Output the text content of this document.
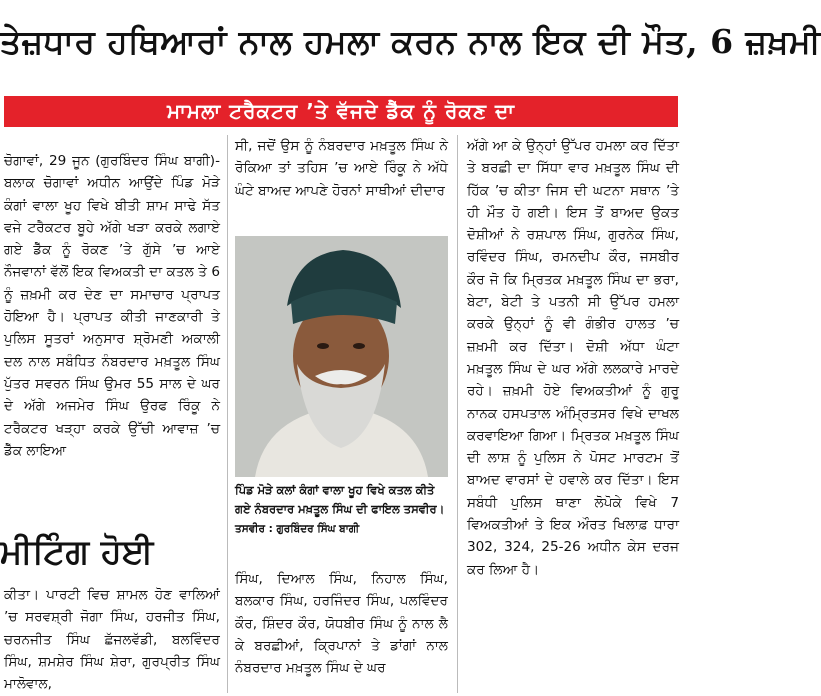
ਤੇਜ਼ਧਾਰ ਹਥਿਆਰਾਂ ਨਾਲ ਹਮਲਾ ਕਰਨ ਨਾਲ ਇਕ ਦੀ ਮੌਤ, 6 ਜ਼ਖ਼ਮੀ
ਮਾਮਲਾ ਟਰੈਕਟਰ ’ਤੇ ਵੱਜਦੇ ਡੈੱਕ ਨੂੰ ਰੋਕਣ ਦਾ

ਚੋਗਾਵਾਂ, 29 ਜੂਨ (ਗੁਰਬਿੰਦਰ ਸਿੰਘ ਬਾਗੀ)-ਬਲਾਕ ਚੋਗਾਵਾਂ ਅਧੀਨ ਆਉਂਦੇ ਪਿੰਡ ਮੋੜੇ ਕੰਗਾਂ ਵਾਲਾ ਖੂਹ ਵਿਖੇ ਬੀਤੀ ਸ਼ਾਮ ਸਾਢੇ ਸੱਤ ਵਜੇ ਟਰੈਕਟਰ ਬੂਹੇ ਅੱਗੇ ਖੜਾ ਕਰਕੇ ਲਗਾਏ ਗਏ ਡੈੱਕ ਨੂੰ ਰੋਕਣ ’ਤੇ ਗੁੱਸੇ ’ਚ ਆਏ ਨੌਜਵਾਨਾਂ ਵੱਲੋਂ ਇਕ ਵਿਅਕਤੀ ਦਾ ਕਤਲ ਤੇ 6 ਨੂੰ ਜ਼ਖ਼ਮੀ ਕਰ ਦੇਣ ਦਾ ਸਮਾਚਾਰ ਪ੍ਰਾਪਤ ਹੋਇਆ ਹੈ। ਪ੍ਰਾਪਤ ਕੀਤੀ ਜਾਣਕਾਰੀ ਤੇ ਪੁਲਿਸ ਸੂਤਰਾਂ ਅਨੁਸਾਰ ਸ਼੍ਰੋਮਣੀ ਅਕਾਲੀ ਦਲ ਨਾਲ ਸਬੰਧਿਤ ਨੰਬਰਦਾਰ ਮਖ਼ਤੂਲ ਸਿੰਘ ਪੁੱਤਰ ਸਵਰਨ ਸਿੰਘ ਉਮਰ 55 ਸਾਲ ਦੇ ਘਰ ਦੇ ਅੱਗੇ ਅਜਮੇਰ ਸਿੰਘ ਉਰਫ ਰਿੰਕੂ ਨੇ ਟਰੈਕਟਰ ਖੜ੍ਹਾ ਕਰਕੇ ਉੱਚੀ ਆਵਾਜ਼ ’ਚ ਡੈੱਕ ਲਾਇਆ

ਸੀ, ਜਦੋਂ ਉਸ ਨੂੰ ਨੰਬਰਦਾਰ ਮਖ਼ਤੂਲ ਸਿੰਘ ਨੇ ਰੋਕਿਆ ਤਾਂ ਤਹਿਸ ’ਚ ਆਏ ਰਿੰਕੂ ਨੇ ਅੱਧੇ ਘੰਟੇ ਬਾਅਦ ਆਪਣੇ ਹੋਰਨਾਂ ਸਾਥੀਆਂ ਦੀਦਾਰ

ਪਿੰਡ ਮੋੜੇ ਕਲਾਂ ਕੰਗਾਂ ਵਾਲਾ ਖੂਹ ਵਿਖੇ ਕਤਲ ਕੀਤੇ ਗਏ ਨੰਬਰਦਾਰ ਮਖ਼ਤੂਲ ਸਿੰਘ ਦੀ ਫਾਇਲ ਤਸਵੀਰ। ਤਸਵੀਰ : ਗੁਰਬਿੰਦਰ ਸਿੰਘ ਬਾਗੀ

ਸਿੰਘ, ਦਿਆਲ ਸਿੰਘ, ਨਿਹਾਲ ਸਿੰਘ, ਬਲਕਾਰ ਸਿੰਘ, ਹਰਜਿੰਦਰ ਸਿੰਘ, ਪਲਵਿੰਦਰ ਕੌਰ, ਸ਼ਿੰਦਰ ਕੌਰ, ਯੋਧਬੀਰ ਸਿੰਘ ਨੂੰ ਨਾਲ ਲੈ ਕੇ ਬਰਛੀਆਂ, ਕ੍ਰਿਪਾਨਾਂ ਤੇ ਡਾਂਗਾਂ ਨਾਲ ਨੰਬਰਦਾਰ ਮਖ਼ਤੂਲ ਸਿੰਘ ਦੇ ਘਰ

ਅੱਗੇ ਆ ਕੇ ਉਨ੍ਹਾਂ ਉੱਪਰ ਹਮਲਾ ਕਰ ਦਿੱਤਾ ਤੇ ਬਰਛੀ ਦਾ ਸਿੱਧਾ ਵਾਰ ਮਖ਼ਤੂਲ ਸਿੰਘ ਦੀ ਹਿੱਕ ’ਚ ਕੀਤਾ ਜਿਸ ਦੀ ਘਟਨਾ ਸਥਾਨ ’ਤੇ ਹੀ ਮੌਤ ਹੋ ਗਈ। ਇਸ ਤੋਂ ਬਾਅਦ ਉਕਤ ਦੋਸ਼ੀਆਂ ਨੇ ਰਸ਼ਪਾਲ ਸਿੰਘ, ਗੁਰਨੇਕ ਸਿੰਘ, ਰਵਿੰਦਰ ਸਿੰਘ, ਰਮਨਦੀਪ ਕੌਰ, ਜਸਬੀਰ ਕੌਰ ਜੋ ਕਿ ਮ੍ਰਿਤਕ ਮਖ਼ਤੂਲ ਸਿੰਘ ਦਾ ਭਰਾ, ਬੇਟਾ, ਬੇਟੀ ਤੇ ਪਤਨੀ ਸੀ ਉੱਪਰ ਹਮਲਾ ਕਰਕੇ ਉਨ੍ਹਾਂ ਨੂੰ ਵੀ ਗੰਭੀਰ ਹਾਲਤ ’ਚ ਜ਼ਖ਼ਮੀ ਕਰ ਦਿੱਤਾ। ਦੋਸ਼ੀ ਅੱਧਾ ਘੰਟਾ ਮਖ਼ਤੂਲ ਸਿੰਘ ਦੇ ਘਰ ਅੱਗੇ ਲਲਕਾਰੇ ਮਾਰਦੇ ਰਹੇ। ਜ਼ਖ਼ਮੀ ਹੋਏ ਵਿਅਕਤੀਆਂ ਨੂੰ ਗੁਰੂ ਨਾਨਕ ਹਸਪਤਾਲ ਅੰਮ੍ਰਿਤਸਰ ਵਿਖੇ ਦਾਖਲ ਕਰਵਾਇਆ ਗਿਆ। ਮ੍ਰਿਤਕ ਮਖ਼ਤੂਲ ਸਿੰਘ ਦੀ ਲਾਸ਼ ਨੂੰ ਪੁਲਿਸ ਨੇ ਪੋਸਟ ਮਾਰਟਮ ਤੋਂ ਬਾਅਦ ਵਾਰਸਾਂ ਦੇ ਹਵਾਲੇ ਕਰ ਦਿੱਤਾ। ਇਸ ਸਬੰਧੀ ਪੁਲਿਸ ਥਾਣਾ ਲੋਪੋਕੇ ਵਿਖੇ 7 ਵਿਅਕਤੀਆਂ ਤੇ ਇਕ ਔਰਤ ਖਿਲਾਫ਼ ਧਾਰਾ 302, 324, 25-26 ਅਧੀਨ ਕੇਸ ਦਰਜ ਕਰ ਲਿਆ ਹੈ।

ਮੀਟਿੰਗ ਹੋਈ

ਕੀਤਾ। ਪਾਰਟੀ ਵਿਚ ਸ਼ਾਮਲ ਹੋਣ ਵਾਲਿਆਂ ’ਚ ਸਰਵਸ਼੍ਰੀ ਜੋਗਾ ਸਿੰਘ, ਹਰਜੀਤ ਸਿੰਘ, ਚਰਨਜੀਤ ਸਿੰਘ ਛੱਜਲਵੱਡੀ, ਬਲਵਿੰਦਰ ਸਿੰਘ, ਸ਼ਮਸ਼ੇਰ ਸਿੰਘ ਸ਼ੇਰਾ, ਗੁਰਪ੍ਰੀਤ ਸਿੰਘ ਮਾਲੋਵਾਲ,
